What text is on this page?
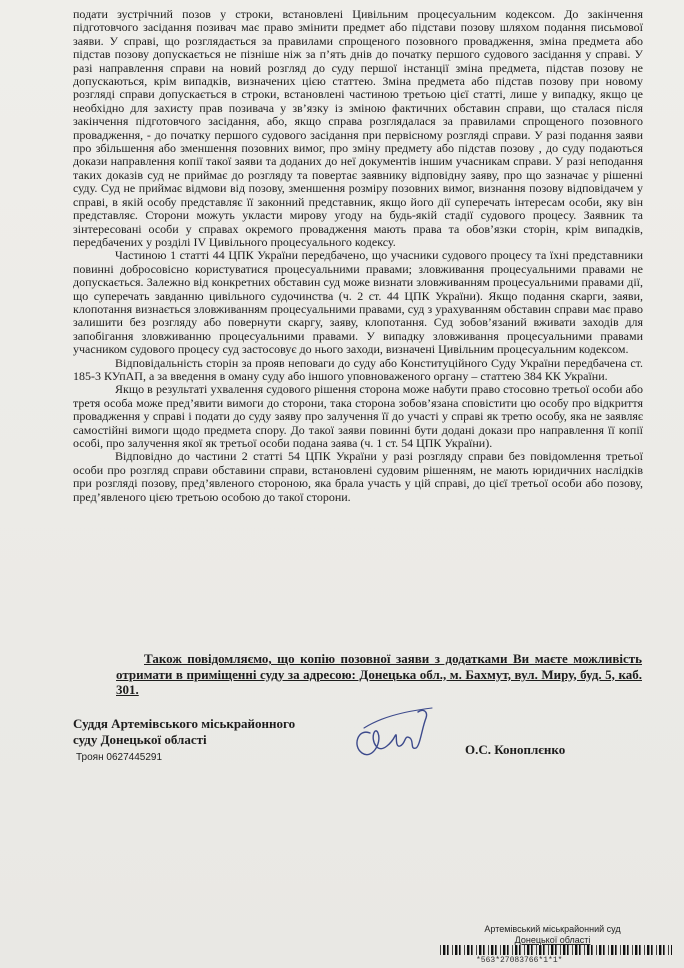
подати зустрічний позов у строки, встановлені Цивільним процесуальним кодексом. До закінчення підготовчого засідання позивач має право змінити предмет або підстави позову шляхом подання письмової заяви. У справі, що розглядається за правилами спрощеного позовного провадження, зміна предмета або підстав позову допускається не пізніше ніж за п’ять днів до початку першого судового засідання у справі. У разі направлення справи на новий розгляд до суду першої інстанції зміна предмета, підстав позову не допускаються, крім випадків, визначених цією статтею. Зміна предмета або підстав позову при новому розгляді справи допускається в строки, встановлені частиною третьою цієї статті, лише у випадку, якщо це необхідно для захисту прав позивача у зв’язку із зміною фактичних обставин справи, що сталася після закінчення підготовчого засідання, або, якщо справа розглядалася за правилами спрощеного позовного провадження, - до початку першого судового засідання при первісному розгляді справи. У разі подання заяви про збільшення або зменшення позовних вимог, про зміну предмету або підстав позову , до суду подаються докази направлення копії такої заяви та доданих до неї документів іншим учасникам справи. У разі неподання таких доказів суд не приймає до розгляду та повертає заявнику відповідну заяву, про що зазначає у рішенні суду. Суд не приймає відмови від позову, зменшення розміру позовних вимог, визнання позову відповідачем у справі, в якій особу представляє її законний представник, якщо його дії суперечать інтересам особи, яку він представляє. Сторони можуть укласти мирову угоду на будь-якій стадії судового процесу. Заявник та зінтересовані особи у справах окремого провадження мають права та обов’язки сторін, крім випадків, передбачених у розділі IV Цивільного процесуального кодексу.

Частиною 1 статті 44 ЦПК України передбачено, що учасники судового процесу та їхні представники повинні добросовісно користуватися процесуальними правами; зловживання процесуальними правами не допускається. Залежно від конкретних обставин суд може визнати зловживанням процесуальними правами дії, що суперечать завданню цивільного судочинства (ч. 2 ст. 44 ЦПК України). Якщо подання скарги, заяви, клопотання визнається зловживанням процесуальними правами, суд з урахуванням обставин справи має право залишити без розгляду або повернути скаргу, заяву, клопотання. Суд зобов’язаний вживати заходів для запобігання зловживанню процесуальними правами. У випадку зловживання процесуальними правами учасником судового процесу суд застосовує до нього заходи, визначені Цивільним процесуальним кодексом.

Відповідальність сторін за прояв неповаги до суду або Конституційного Суду України передбачена ст. 185-3 КУпАП, а за введення в оману суду або іншого уповноваженого органу – статтею 384 КК України.

Якщо в результаті ухвалення судового рішення сторона може набути право стосовно третьої особи або третя особа може пред’явити вимоги до сторони, така сторона зобов’язана сповістити цю особу про відкриття провадження у справі і подати до суду заяву про залучення її до участі у справі як третю особу, яка не заявляє самостійні вимоги щодо предмета спору. До такої заяви повинні бути додані докази про направлення її копії особі, про залучення якої як третьої особи подана заява (ч. 1 ст. 54 ЦПК України).

Відповідно до частини 2 статті 54 ЦПК України у разі розгляду справи без повідомлення третьої особи про розгляд справи обставини справи, встановлені судовим рішенням, не мають юридичних наслідків при розгляді позову, пред’явленого стороною, яка брала участь у цій справі, до цієї третьої особи або позову, пред’явленого цією третьою особою до такої сторони.

Також повідомляємо, що копію позовної заяви з додатками Ви маєте можливість отримати в приміщенні суду за адресою: Донецька обл., м. Бахмут, вул. Миру, буд. 5, каб. 301.
Суддя Артемівського міськрайонного суду Донецької області
Троян 0627445291
О.С. Коноплєнко
Артемівський міськрайонний суд
Донецької області
*563*27083766*1*1*
